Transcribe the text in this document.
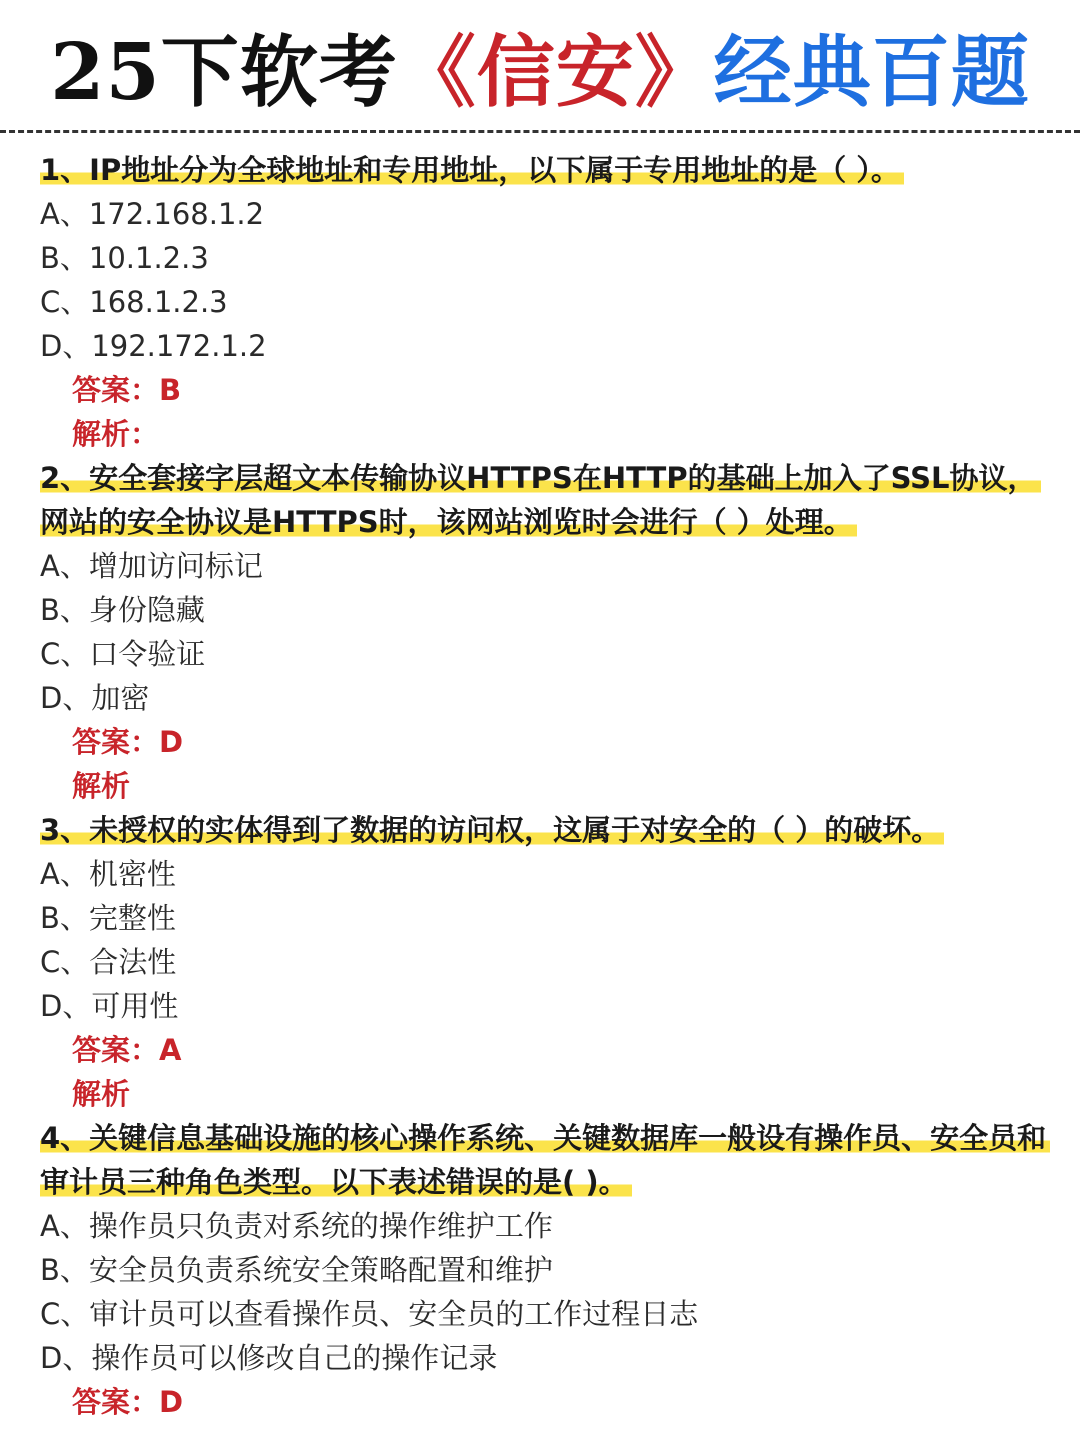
25下软考《信安》经典百题
1、IP地址分为全球地址和专用地址，以下属于专用地址的是（ ）。
A、172.168.1.2
B、10.1.2.3
C、168.1.2.3
D、192.172.1.2
答案：B
解析：
2、安全套接字层超文本传输协议HTTPS在HTTP的基础上加入了SSL协议，网站的安全协议是HTTPS时，该网站浏览时会进行（ ）处理。
A、增加访问标记
B、身份隐藏
C、口令验证
D、加密
答案：D
解析
3、未授权的实体得到了数据的访问权，这属于对安全的（ ）的破坏。
A、机密性
B、完整性
C、合法性
D、可用性
答案：A
解析
4、关键信息基础设施的核心操作系统、关键数据库一般设有操作员、安全员和审计员三种角色类型。以下表述错误的是( )。
A、操作员只负责对系统的操作维护工作
B、安全员负责系统安全策略配置和维护
C、审计员可以查看操作员、安全员的工作过程日志
D、操作员可以修改自己的操作记录
答案：D
